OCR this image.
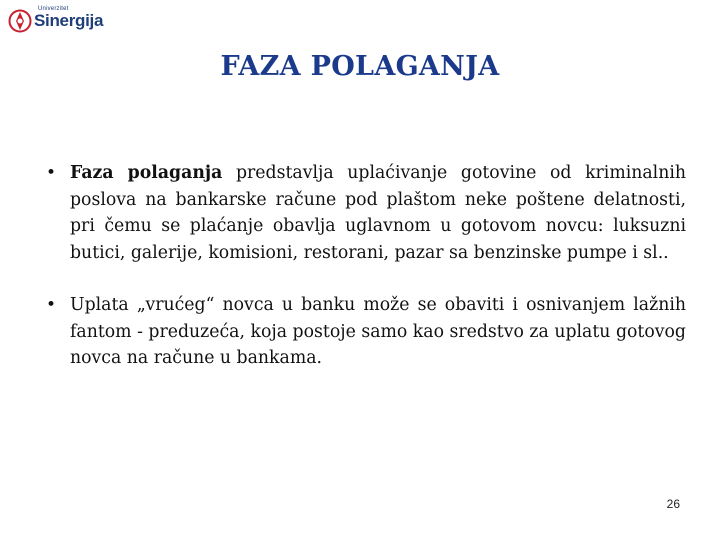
Univerzitet
Sinergija
FAZA POLAGANJA
• Faza polaganja predstavlja uplaćivanje gotovine od kriminalnih poslova na bankarske račune pod plaštom neke poštene delatnosti, pri čemu se plaćanje obavlja uglavnom u gotovom novcu: luksuzni butici, galerije, komisioni, restorani, pazar sa benzinske pumpe i sl..
• Uplata „vrućeg“ novca u banku može se obaviti i osnivanjem lažnih fantom - preduzeća, koja postoje samo kao sredstvo za uplatu gotovog novca na račune u bankama.
26
